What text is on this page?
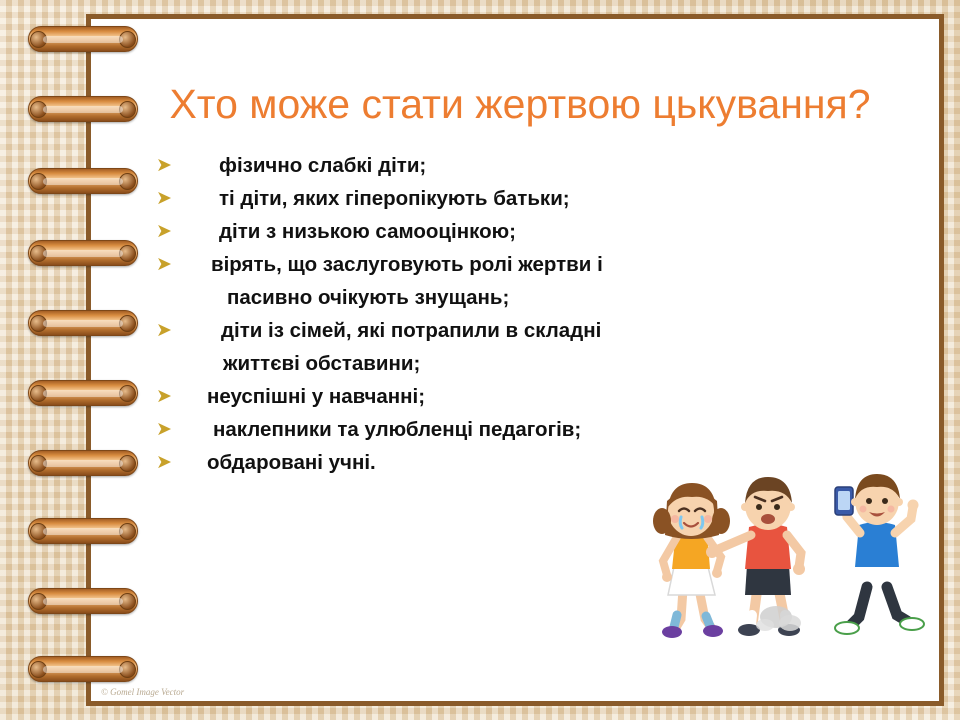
Хто може стати жертвою цькування?
➤ фізично слабкі діти;
➤ ті діти, яких гіперопікують батьки;
➤ діти з низькою самооцінкою;
➤ вірять, що заслуговують ролі жертви і
пасивно очікують знущань;
➤ діти із сімей, які потрапили в складні
життєві обставини;
➤ неуспішні у навчанні;
➤ наклепники та улюбленці педагогів;
➤ обдаровані учні.
© Gomel Image Vector
